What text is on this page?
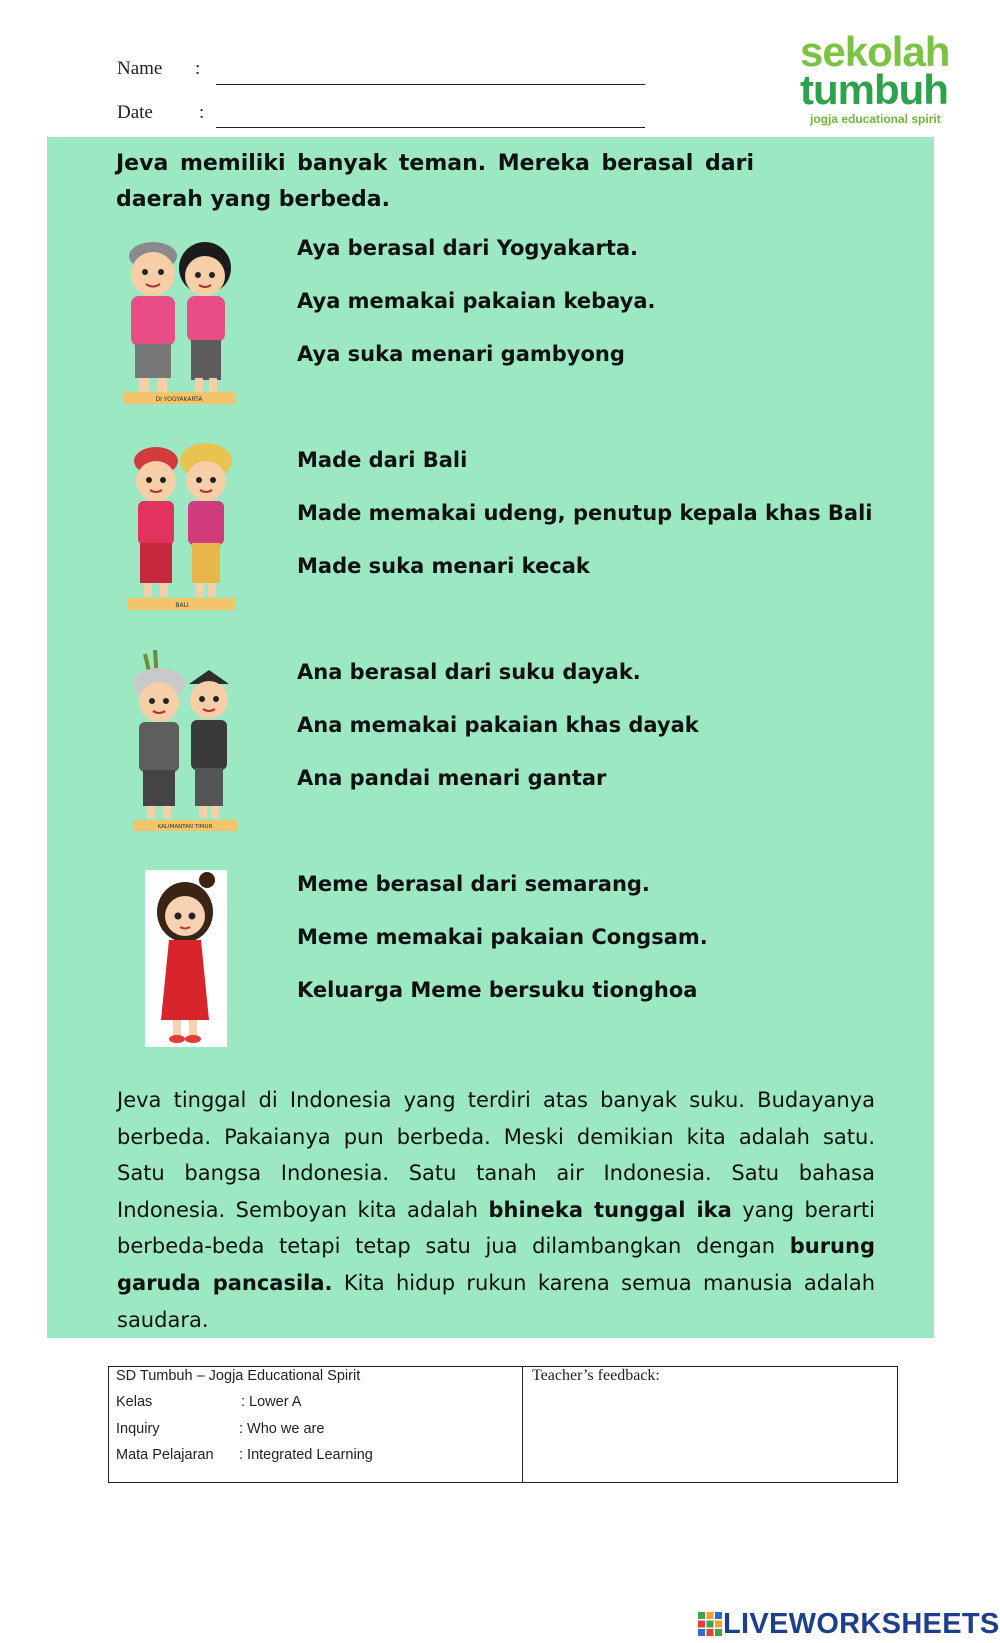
Name :
Date :
sekolah
tumbuh
jogja educational spirit
Jeva memiliki banyak teman. Mereka berasal dari daerah yang berbeda.
DI YOGYAKARTA
BALI
KALIMANTAN TIMUR
Aya berasal dari Yogyakarta.
Aya memakai pakaian kebaya.
Aya suka menari gambyong
Made dari Bali
Made memakai udeng, penutup kepala khas Bali
Made suka menari kecak
Ana berasal dari suku dayak.
Ana memakai pakaian khas dayak
Ana pandai menari gantar
Meme berasal dari semarang.
Meme memakai pakaian Congsam.
Keluarga Meme bersuku tionghoa
Jeva tinggal di Indonesia yang terdiri atas banyak suku. Budayanya berbeda. Pakaianya pun berbeda. Meski demikian kita adalah satu. Satu bangsa Indonesia. Satu tanah air Indonesia. Satu bahasa Indonesia. Semboyan kita adalah bhineka tunggal ika yang berarti berbeda-beda tetapi tetap satu jua dilambangkan dengan burung garuda pancasila. Kita hidup rukun karena semua manusia adalah saudara.
SD Tumbuh – Jogja Educational Spirit
Kelas	: Lower A
Inquiry	: Who we are
Mata Pelajaran : Integrated Learning
Teacher’s feedback:
LIVEWORKSHEETS
